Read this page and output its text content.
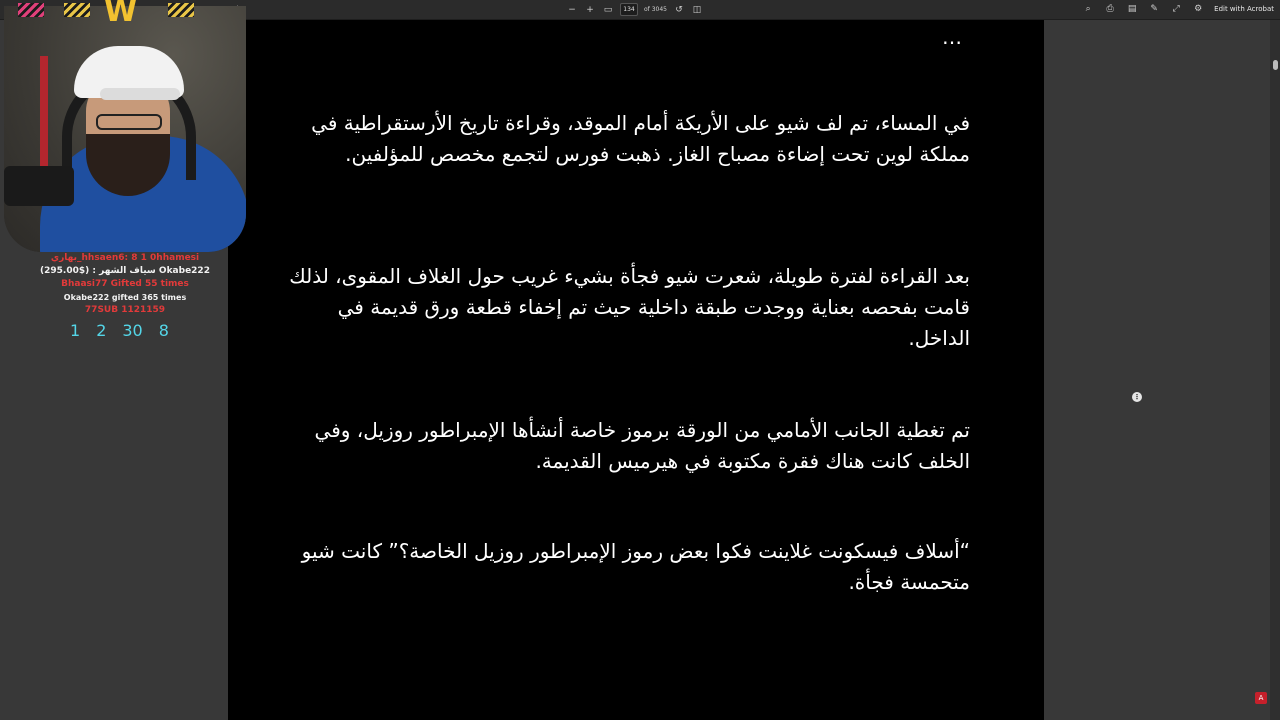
− + ▭	134	of 3045 ↺ ◫	⌕	⎙ ▤ ✎ ⤢ ⚙ Edit with Acrobat
…
في المساء، تم لف شيو على الأريكة أمام الموقد، وقراءة تاريخ الأرستقراطية في مملكة لوين تحت إضاءة مصباح الغاز. ذهبت فورس لتجمع مخصص للمؤلفين.
بعد القراءة لفترة طويلة، شعرت شيو فجأة بشيء غريب حول الغلاف المقوى، لذلك قامت بفحصه بعناية ووجدت طبقة داخلية حيث تم إخفاء قطعة ورق قديمة في الداخل.
تم تغطية الجانب الأمامي من الورقة برموز خاصة أنشأها الإمبراطور روزيل، وفي الخلف كانت هناك فقرة مكتوبة في هيرميس القديمة.
“أسلاف فيسكونت غلاينت فكوا بعض رموز الإمبراطور روزيل الخاصة؟” كانت شيو متحمسة فجأة.
⋮
A
W
بهاري_hhsaen6: 8 1 0hhamesi
سياف الشهر : ($295.00) Okabe222
Bhaasi77 Gifted 55 times
Okabe222 gifted 365 times
77SUB 1121159
1 2 30 8
